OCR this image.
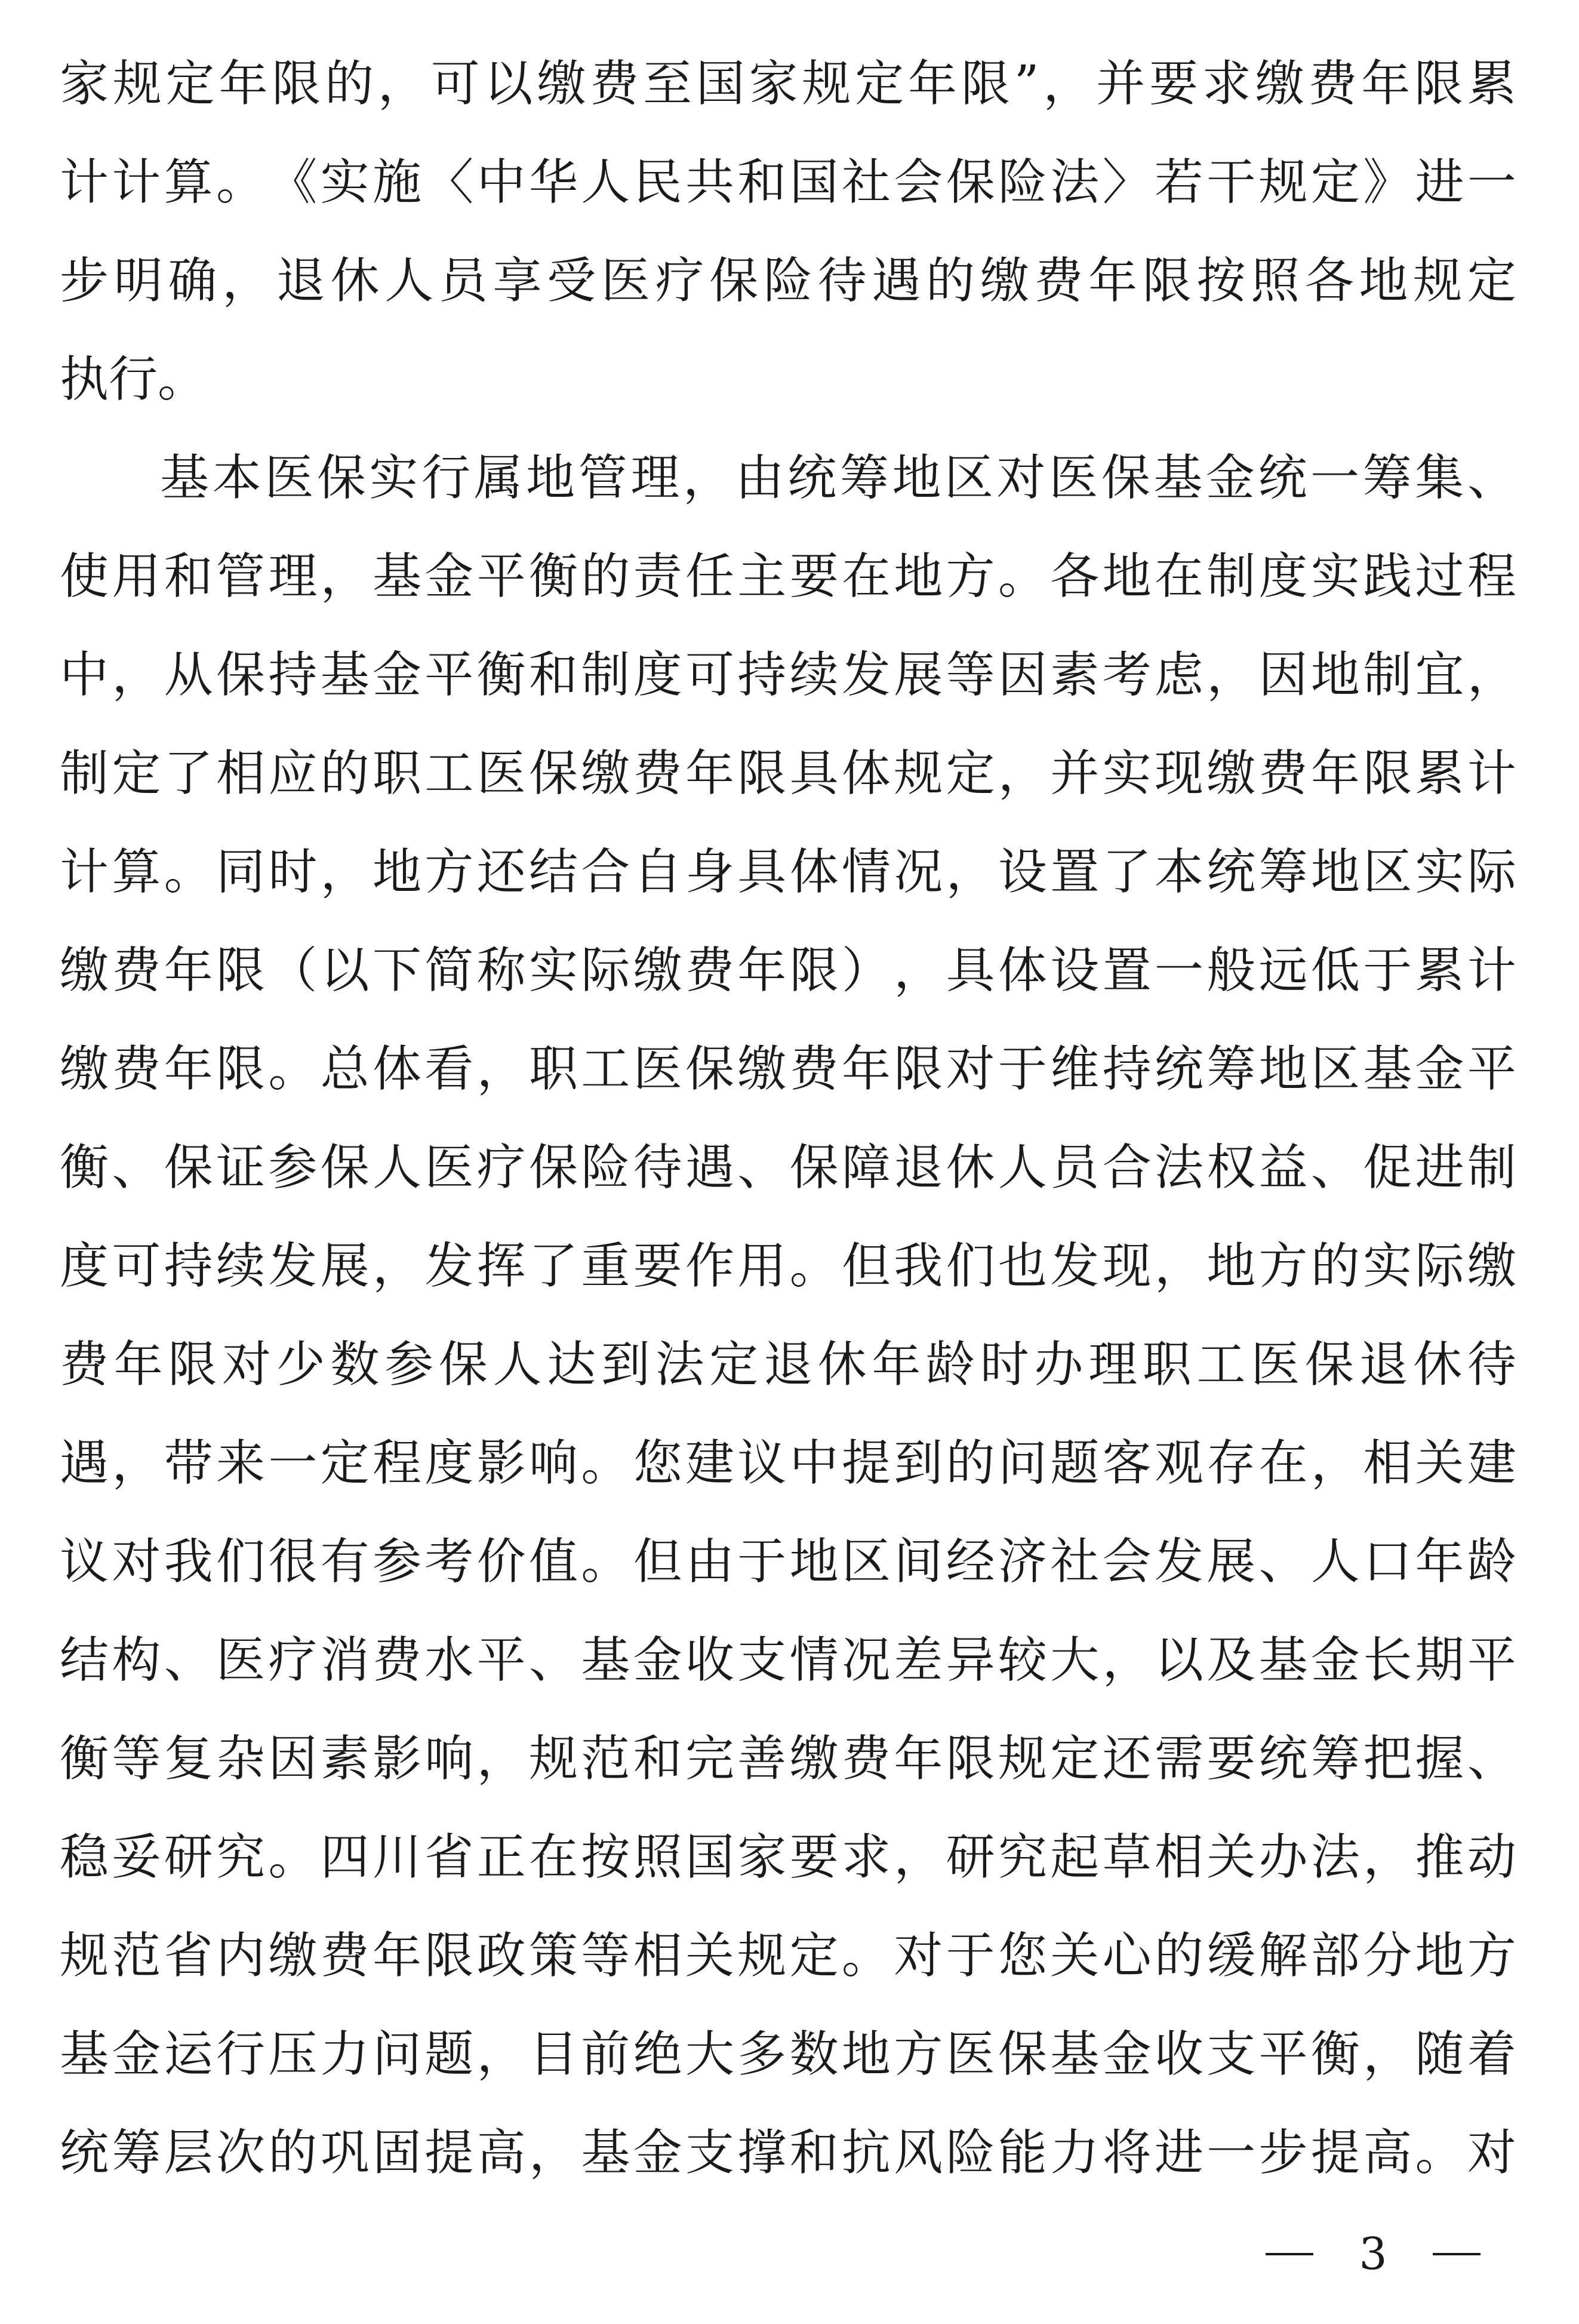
家 规 定 年 限 的 ， 可 以 缴 费 至 国 家 规 定 年 限 ” ， 并 要 求 缴 费 年 限 累
计 计 算 。 《 实 施 〈 中 华 人 民 共 和 国 社 会 保 险 法 〉 若 干 规 定 》 进 一
步 明 确 ， 退 休 人 员 享 受 医 疗 保 险 待 遇 的 缴 费 年 限 按 照 各 地 规 定
执 行 。
基 本 医 保 实 行 属 地 管 理 ， 由 统 筹 地 区 对 医 保 基 金 统 一 筹 集 、
使 用 和 管 理 ， 基 金 平 衡 的 责 任 主 要 在 地 方 。 各 地 在 制 度 实 践 过 程
中 ， 从 保 持 基 金 平 衡 和 制 度 可 持 续 发 展 等 因 素 考 虑 ， 因 地 制 宜 ，
制 定 了 相 应 的 职 工 医 保 缴 费 年 限 具 体 规 定 ， 并 实 现 缴 费 年 限 累 计
计 算 。 同 时 ， 地 方 还 结 合 自 身 具 体 情 况 ， 设 置 了 本 统 筹 地 区 实 际
缴 费 年 限 （ 以 下 简 称 实 际 缴 费 年 限 ） ， 具 体 设 置 一 般 远 低 于 累 计
缴 费 年 限 。 总 体 看 ， 职 工 医 保 缴 费 年 限 对 于 维 持 统 筹 地 区 基 金 平
衡 、 保 证 参 保 人 医 疗 保 险 待 遇 、 保 障 退 休 人 员 合 法 权 益 、 促 进 制
度 可 持 续 发 展 ， 发 挥 了 重 要 作 用 。 但 我 们 也 发 现 ， 地 方 的 实 际 缴
费 年 限 对 少 数 参 保 人 达 到 法 定 退 休 年 龄 时 办 理 职 工 医 保 退 休 待
遇 ， 带 来 一 定 程 度 影 响 。 您 建 议 中 提 到 的 问 题 客 观 存 在 ， 相 关 建
议 对 我 们 很 有 参 考 价 值 。 但 由 于 地 区 间 经 济 社 会 发 展 、 人 口 年 龄
结 构 、 医 疗 消 费 水 平 、 基 金 收 支 情 况 差 异 较 大 ， 以 及 基 金 长 期 平
衡 等 复 杂 因 素 影 响 ， 规 范 和 完 善 缴 费 年 限 规 定 还 需 要 统 筹 把 握 、
稳 妥 研 究 。 四 川 省 正 在 按 照 国 家 要 求 ， 研 究 起 草 相 关 办 法 ， 推 动
规 范 省 内 缴 费 年 限 政 策 等 相 关 规 定 。 对 于 您 关 心 的 缓 解 部 分 地 方
基 金 运 行 压 力 问 题 ， 目 前 绝 大 多 数 地 方 医 保 基 金 收 支 平 衡 ， 随 着
统 筹 层 次 的 巩 固 提 高 ， 基 金 支 撑 和 抗 风 险 能 力 将 进 一 步 提 高 。 对
3
